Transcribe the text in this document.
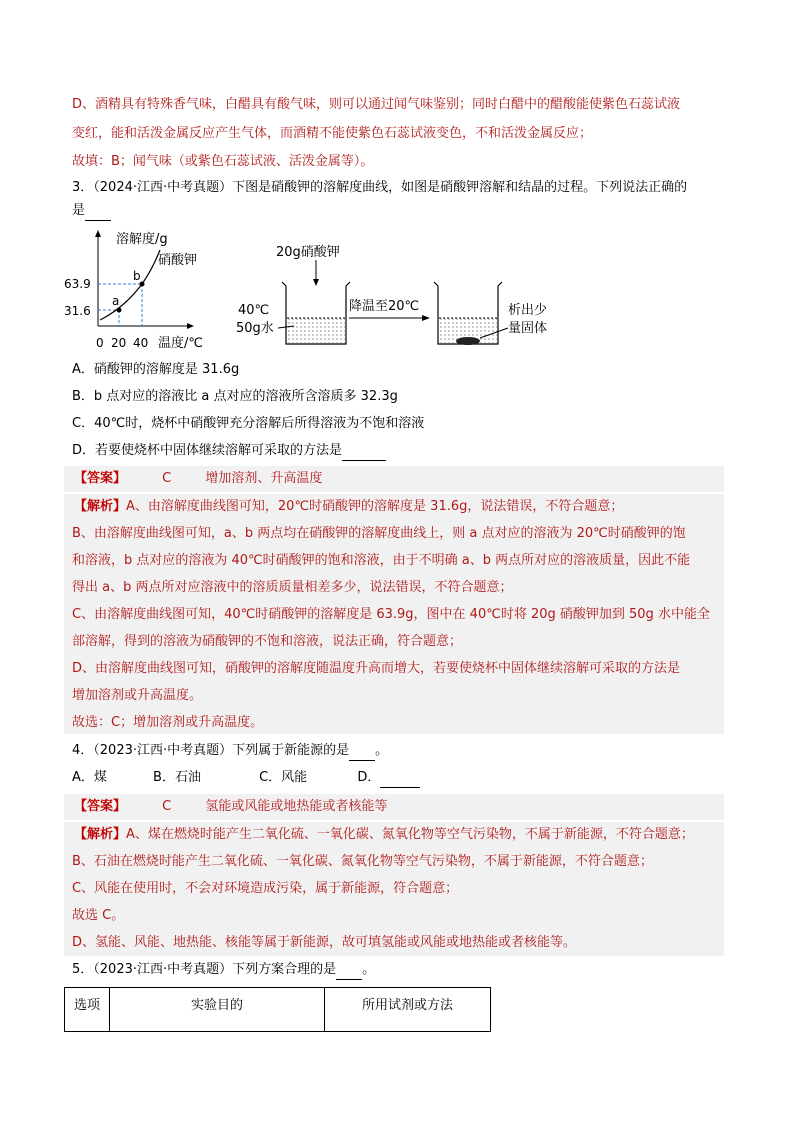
D、酒精具有特殊香气味，白醋具有酸气味，则可以通过闻气味鉴别；同时白醋中的醋酸能使紫色石蕊试液
变红，能和活泼金属反应产生气体，而酒精不能使紫色石蕊试液变色，不和活泼金属反应；
故填：B；闻气味（或紫色石蕊试液、活泼金属等）。
3．（2024·江西·中考真题）下图是硝酸钾的溶解度曲线，如图是硝酸钾溶解和结晶的过程。下列说法正确的
是
溶解度/g
温度/℃
63.9
31.6
0 20 40
a
b
硝酸钾
20g硝酸钾
40℃
50g水
降温至20℃	析出少
量固体
A．硝酸钾的溶解度是 31.6g
B．b 点对应的溶液比 a 点对应的溶液所含溶质多 32.3g
C．40℃时，烧杯中硝酸钾充分溶解后所得溶液为不饱和溶液
D．若要使烧杯中固体继续溶解可采取的方法是
【答案】	C	增加溶剂、升高温度
【解析】A、由溶解度曲线图可知，20℃时硝酸钾的溶解度是 31.6g，说法错误，不符合题意；
B、由溶解度曲线图可知，a、b 两点均在硝酸钾的溶解度曲线上，则 a 点对应的溶液为 20℃时硝酸钾的饱
和溶液，b 点对应的溶液为 40℃时硝酸钾的饱和溶液，由于不明确 a、b 两点所对应的溶液质量，因此不能
得出 a、b 两点所对应溶液中的溶质质量相差多少，说法错误，不符合题意；
C、由溶解度曲线图可知，40℃时硝酸钾的溶解度是 63.9g，图中在 40℃时将 20g 硝酸钾加到 50g 水中能全
部溶解，得到的溶液为硝酸钾的不饱和溶液，说法正确，符合题意；
D、由溶解度曲线图可知，硝酸钾的溶解度随温度升高而增大，若要使烧杯中固体继续溶解可采取的方法是
增加溶剂或升高温度。
故选：C；增加溶剂或升高温度。
4．（2023·江西·中考真题）下列属于新能源的是 。
A．煤	B．石油	C．风能	D．
【答案】	C	氢能或风能或地热能或者核能等
【解析】A、煤在燃烧时能产生二氧化硫、一氧化碳、氮氧化物等空气污染物，不属于新能源，不符合题意；
B、石油在燃烧时能产生二氧化硫、一氧化碳、氮氧化物等空气污染物，不属于新能源，不符合题意；
C、风能在使用时，不会对环境造成污染，属于新能源，符合题意；
故选 C。
D、氢能、风能、地热能、核能等属于新能源，故可填氢能或风能或地热能或者核能等。
5．（2023·江西·中考真题）下列方案合理的是 。
选项	实验目的	所用试剂或方法
